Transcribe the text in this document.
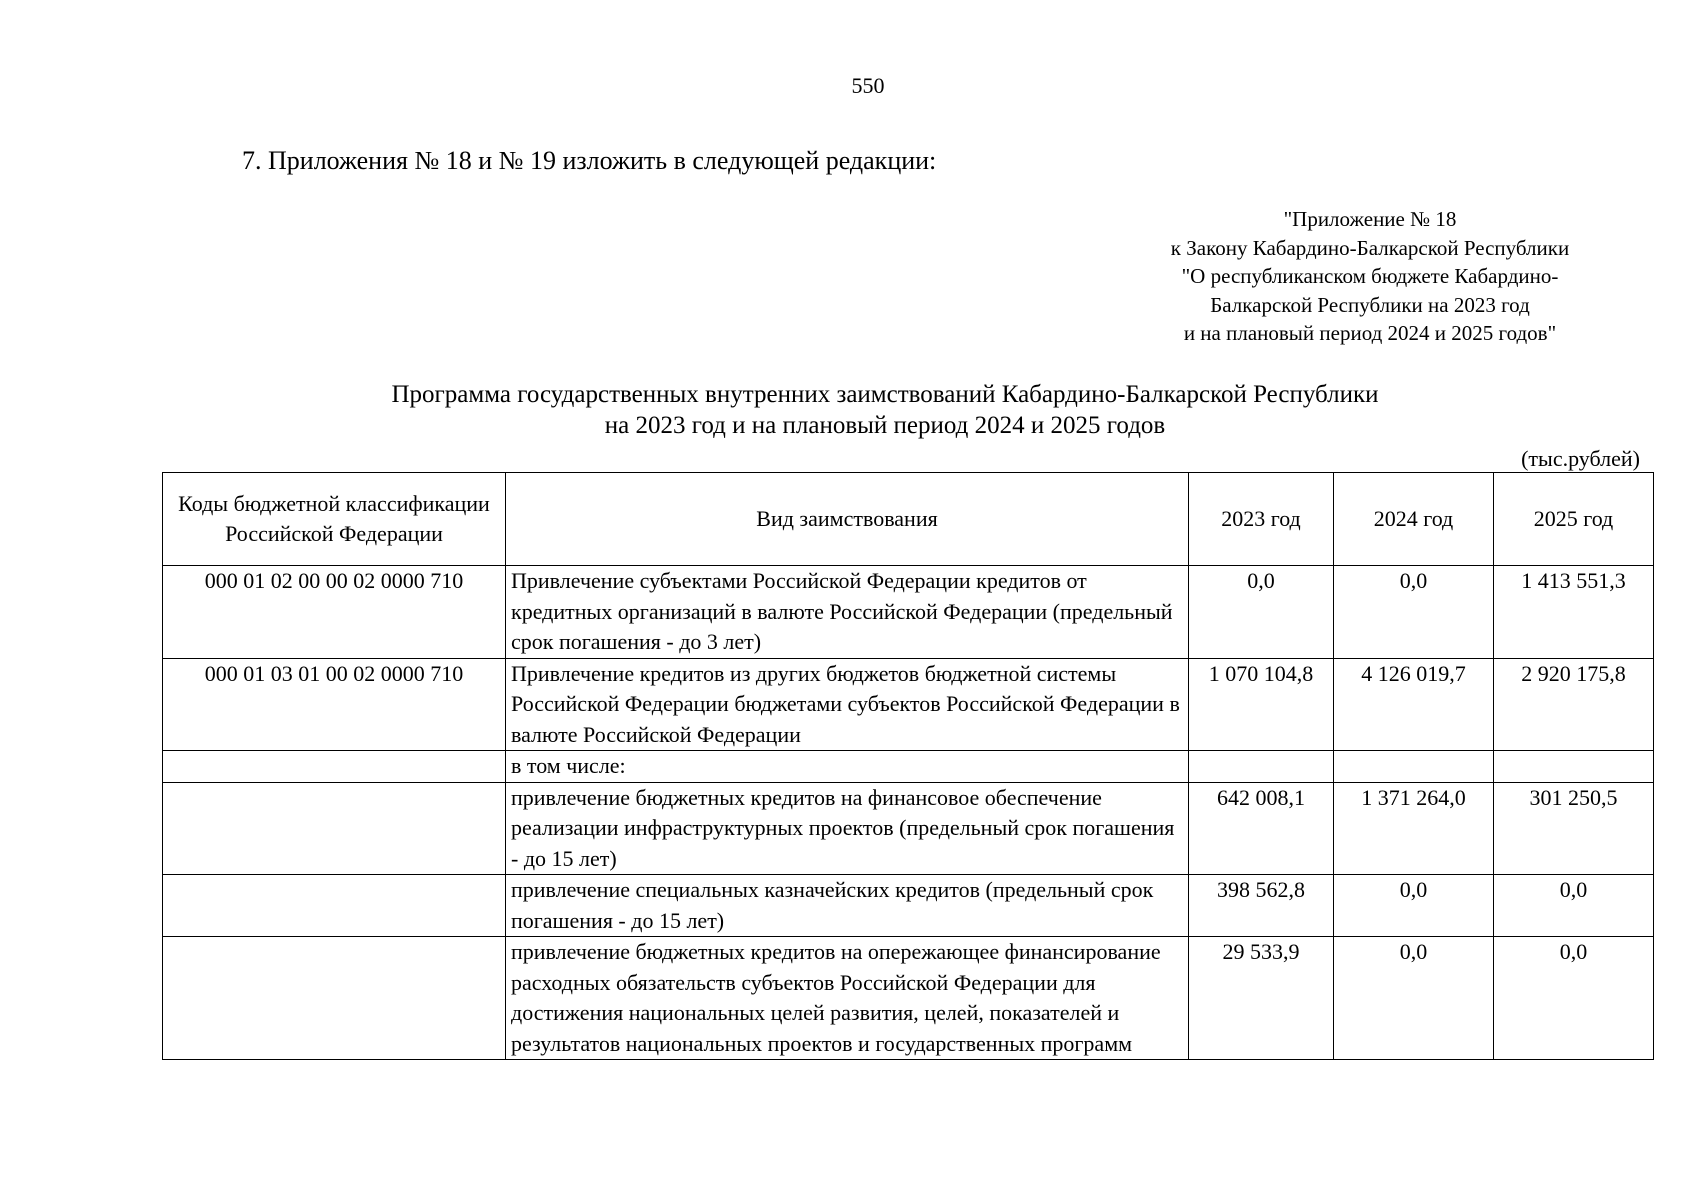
550
7. Приложения № 18 и № 19 изложить в следующей редакции:
"Приложение № 18
к Закону Кабардино-Балкарской Республики
"О республиканском бюджете Кабардино-
Балкарской Республики на 2023 год
и на плановый период 2024 и 2025 годов"
Программа государственных внутренних заимствований Кабардино-Балкарской Республики
на 2023 год и на плановый период 2024 и 2025 годов
(тыс.рублей)
Коды бюджетной классификации Российской Федерации	Вид заимствования	2023 год	2024 год	2025 год
000 01 02 00 00 02 0000 710	Привлечение субъектами Российской Федерации кредитов от кредитных организаций в валюте Российской Федерации (предельный срок погашения - до 3 лет)	0,0	0,0	1 413 551,3
000 01 03 01 00 02 0000 710	Привлечение кредитов из других бюджетов бюджетной системы Российской Федерации бюджетами субъектов Российской Федерации в валюте Российской Федерации	1 070 104,8	4 126 019,7	2 920 175,8
	в том числе:			
	привлечение бюджетных кредитов на финансовое обеспечение реализации инфраструктурных проектов (предельный срок погашения - до 15 лет)	642 008,1	1 371 264,0	301 250,5
	привлечение специальных казначейских кредитов (предельный срок погашения - до 15 лет)	398 562,8	0,0	0,0
	привлечение бюджетных кредитов на опережающее финансирование расходных обязательств субъектов Российской Федерации для достижения национальных целей развития, целей, показателей и результатов национальных проектов и государственных программ	29 533,9	0,0	0,0
